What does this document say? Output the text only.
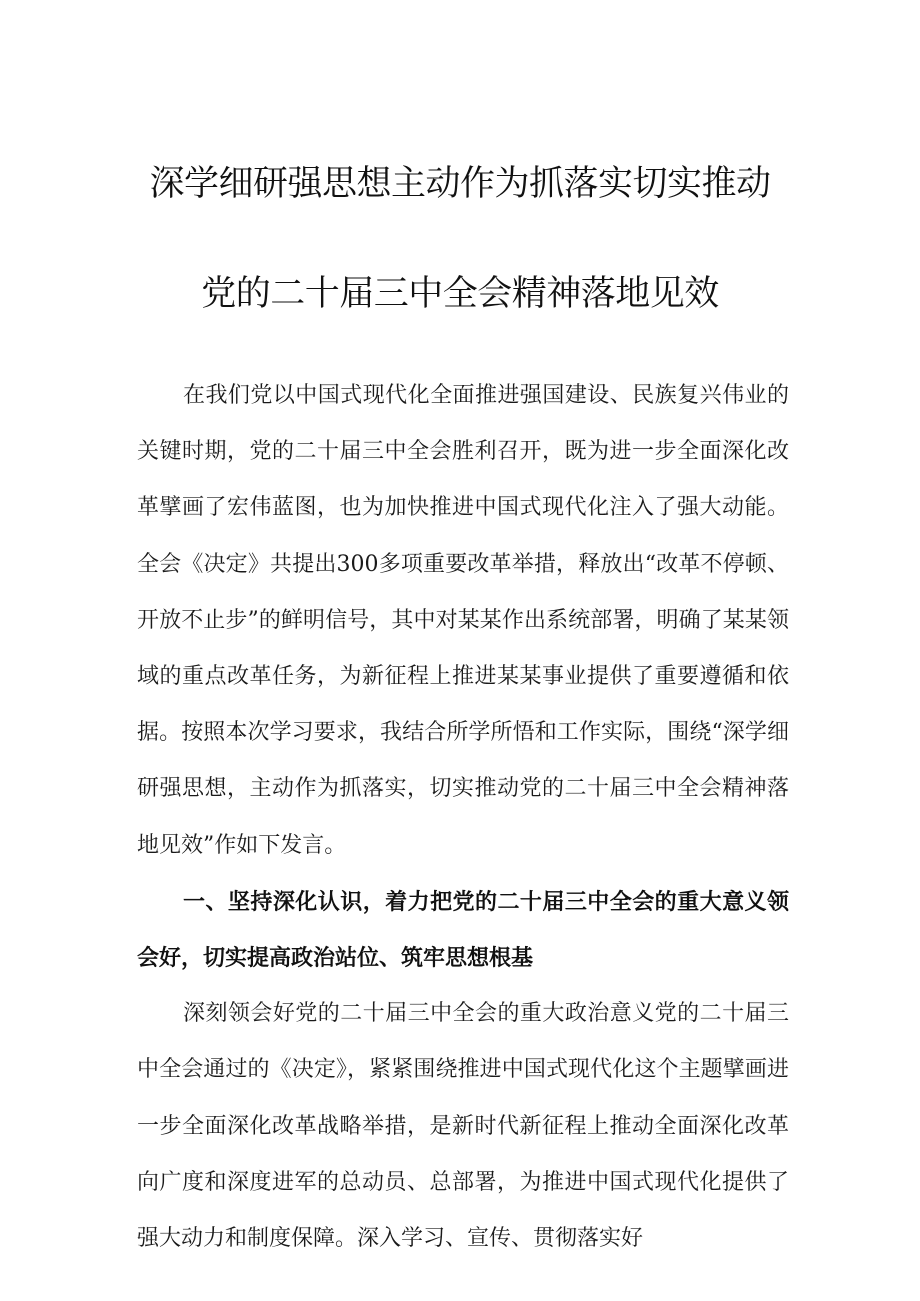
深学细研强思想主动作为抓落实切实推动
党的二十届三中全会精神落地见效

在我们党以中国式现代化全面推进强国建设、民族复兴伟业的关键时期，党的二十届三中全会胜利召开，既为进一步全面深化改革擘画了宏伟蓝图，也为加快推进中国式现代化注入了强大动能。全会《决定》共提出300多项重要改革举措，释放出“改革不停顿、开放不止步”的鲜明信号，其中对某某作出系统部署，明确了某某领域的重点改革任务，为新征程上推进某某事业提供了重要遵循和依据。按照本次学习要求，我结合所学所悟和工作实际，围绕“深学细研强思想，主动作为抓落实，切实推动党的二十届三中全会精神落地见效”作如下发言。

一、坚持深化认识，着力把党的二十届三中全会的重大意义领会好，切实提高政治站位、筑牢思想根基

深刻领会好党的二十届三中全会的重大政治意义党的二十届三中全会通过的《决定》，紧紧围绕推进中国式现代化这个主题擘画进一步全面深化改革战略举措，是新时代新征程上推动全面深化改革向广度和深度进军的总动员、总部署，为推进中国式现代化提供了强大动力和制度保障。深入学习、宣传、贯彻落实好
